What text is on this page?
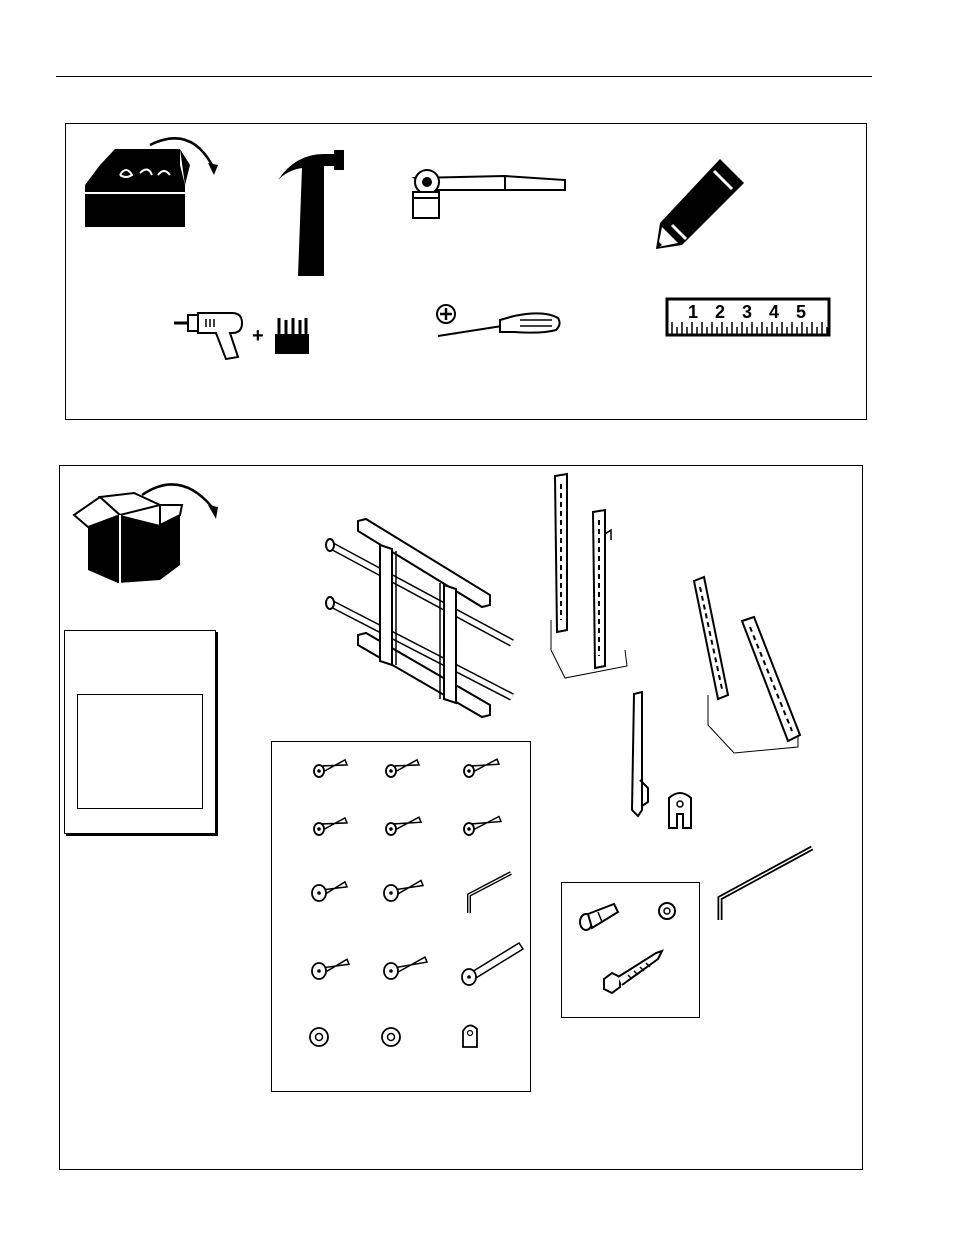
+
1 2 3 4 5
